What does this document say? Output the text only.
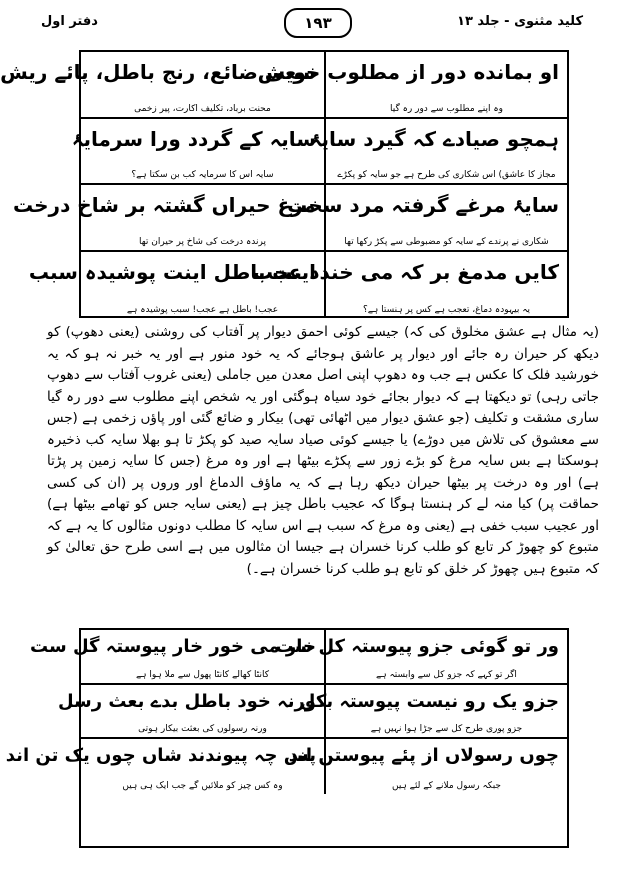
کلید مثنوی - جلد ۱۳
۱۹۳
دفتر اول
او بمانده دور از مطلوب خویش
وہ اپنے مطلوب سے دور رہ گیا
سعی ضائع، رنج باطل، پائے ریش
محنت برباد، تکلیف اکارت، پیر زخمی
ہمچو صیادے کہ گیرد سایۂ
مجاز کا عاشق) اس شکاری کی طرح ہے جو سایہ کو پکڑے
سایہ کے گردد ورا سرمایۂ
سایہ اس کا سرمایہ کب بن سکتا ہے؟
سایۂ مرغے گرفتہ مرد سخت
شکاری نے پرندے کے سایہ کو مضبوطی سے پکڑ رکھا تھا
مرغ حیراں گشتہ بر شاخ درخت
پرندہ درخت کی شاخ پر حیران تھا
کایں مدمغ بر کہ می خندد عجب
یہ بیہودہ دماغ، تعجب ہے کس پر ہنستا ہے؟
اینت باطل اینت پوشیدہ سبب
عجب! باطل ہے عجب! سبب پوشیدہ ہے

(یہ مثال ہے عشق مخلوق کی کہ) جیسے کوئی احمق دیوار پر آفتاب کی روشنی (یعنی دھوپ) کو دیکھ کر حیران رہ جائے اور دیوار پر عاشق ہوجائے کہ یہ خود منور ہے اور یہ خبر نہ ہو کہ یہ خورشید فلک کا عکس ہے جب وہ دھوپ اپنی اصل معدن میں جاملی (یعنی غروب آفتاب سے دھوپ جاتی رہی) تو دیکھتا ہے کہ دیوار بجائے خود سیاہ ہوگئی اور یہ شخص اپنے مطلوب سے دور رہ گیا ساری مشقت و تکلیف (جو عشق دیوار میں اٹھائی تھی) بیکار و ضائع گئی اور پاؤں زخمی ہے (جس سے معشوق کی تلاش میں دوڑے) یا جیسے کوئی صیاد سایہ صید کو پکڑ تا ہو بھلا سایہ کب ذخیرہ ہوسکتا ہے بس سایہ مرغ کو بڑے زور سے پکڑے بیٹھا ہے اور وہ مرغ (جس کا سایہ زمین پر پڑتا ہے) اور وہ درخت پر بیٹھا حیران دیکھ رہا ہے کہ یہ ماؤف الدماغ اور وروں پر (ان کی کسی حماقت پر) کیا منہ لے کر ہنستا ہوگا کہ عجیب باطل چیز ہے (یعنی سایہ جس کو تھامے بیٹھا ہے) اور عجیب سبب خفی ہے (یعنی وہ مرغ کہ سبب ہے اس سایہ کا مطلب دونوں مثالوں کا یہ ہے کہ متبوع کو چھوڑ کر تابع کو طلب کرنا خسران ہے جیسا ان مثالوں میں ہے اسی طرح حق تعالیٰ کو کہ متبوع ہیں چھوڑ کر خلق کو تابع ہو طلب کرنا خسران ہے۔)

ور تو گوئی جزو پیوستہ کل ست
اگر تو کہے کہ جزو کل سے وابستہ ہے
خار می خور خار پیوستہ گل ست
کانٹا کھالے کانٹا پھول سے ملا ہوا ہے
جزو یک رو نیست پیوستہ بکل
جزو پوری طرح کل سے جڑا ہوا نہیں ہے
ورنہ خود باطل بدے بعث رسل
ورنہ رسولوں کی بعثت بیکار ہوتی
چوں رسولاں از پئے پیوستن اند
جبکہ رسول ملانے کے لئے ہیں
پس چہ پیوندند شاں چوں یک تن اند
وہ کس چیز کو ملائیں گے جب ایک ہی ہیں
